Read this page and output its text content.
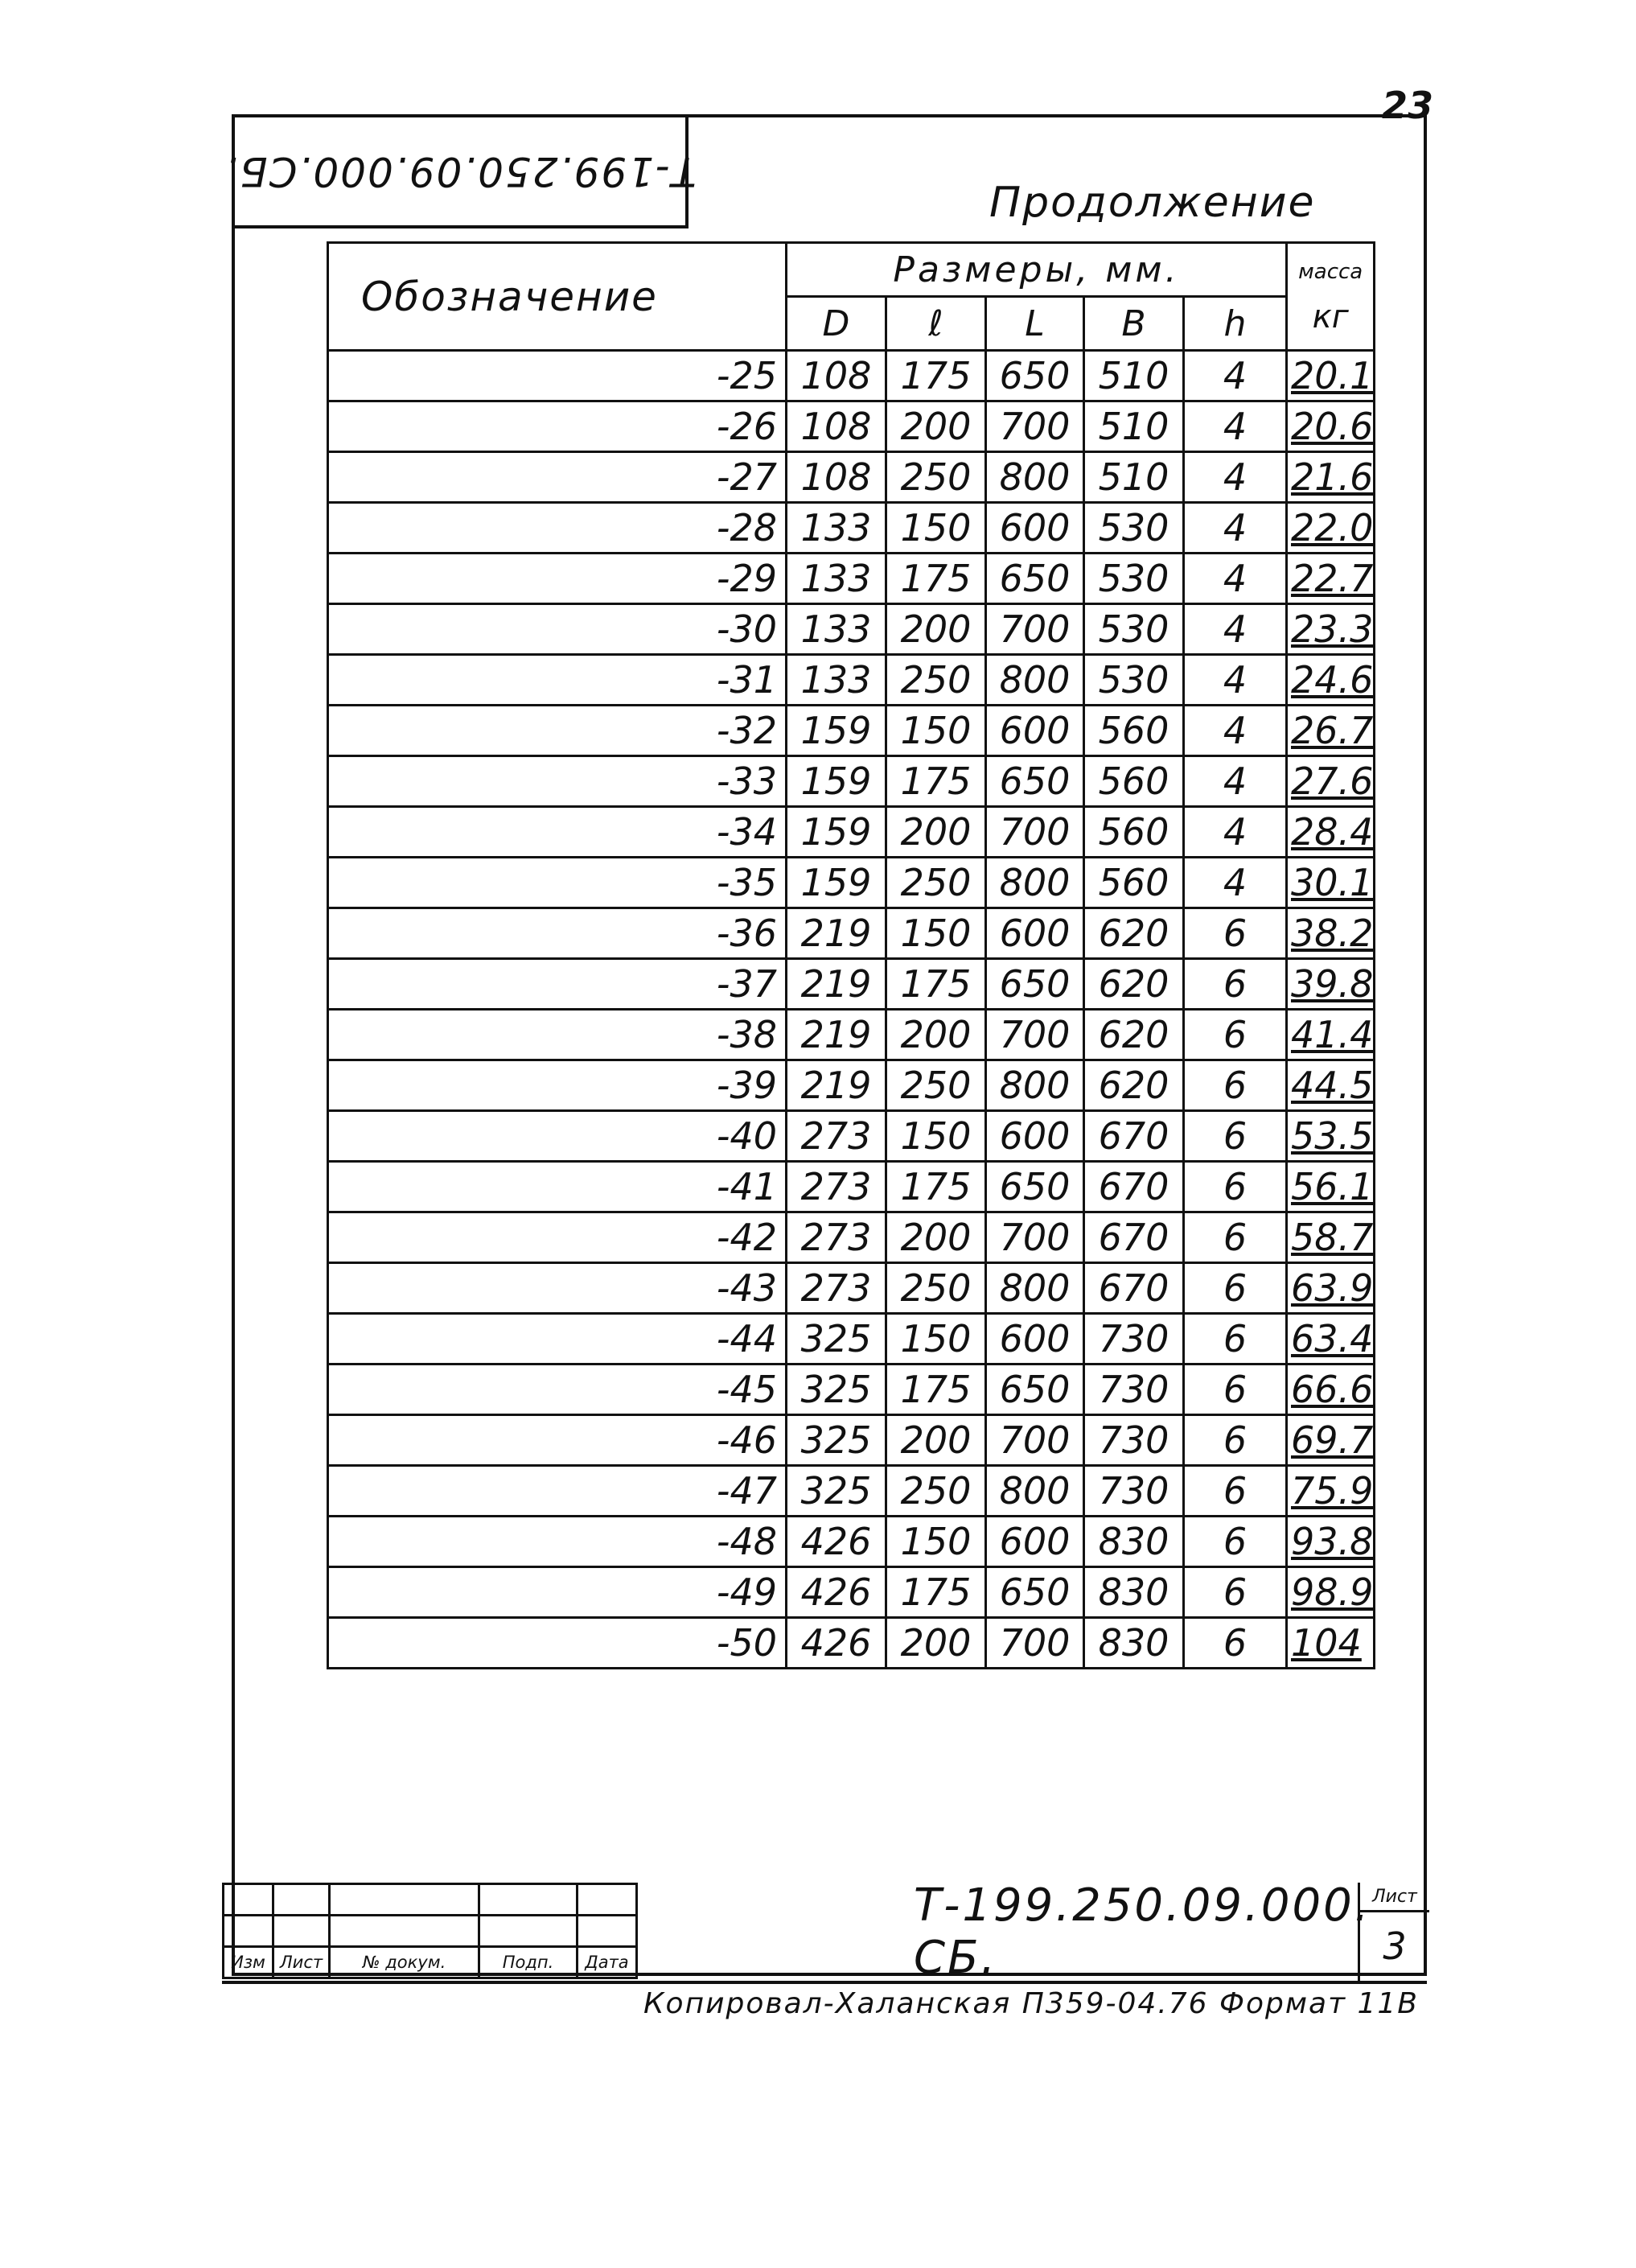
23
Т-199.250.09.000.СБ.
Продолжение
Обозначение	Размеры, мм.					масса

кг
	D	ℓ	L	B	h	
-25	108	175	650	510	4	20.1
-26	108	200	700	510	4	20.6
-27	108	250	800	510	4	21.6
-28	133	150	600	530	4	22.0
-29	133	175	650	530	4	22.7
-30	133	200	700	530	4	23.3
-31	133	250	800	530	4	24.6
-32	159	150	600	560	4	26.7
-33	159	175	650	560	4	27.6
-34	159	200	700	560	4	28.4
-35	159	250	800	560	4	30.1
-36	219	150	600	620	6	38.2
-37	219	175	650	620	6	39.8
-38	219	200	700	620	6	41.4
-39	219	250	800	620	6	44.5
-40	273	150	600	670	6	53.5
-41	273	175	650	670	6	56.1
-42	273	200	700	670	6	58.7
-43	273	250	800	670	6	63.9
-44	325	150	600	730	6	63.4
-45	325	175	650	730	6	66.6
-46	325	200	700	730	6	69.7
-47	325	250	800	730	6	75.9
-48	426	150	600	830	6	93.8
-49	426	175	650	830	6	98.9
-50	426	200	700	830	6	104

Изм	Лист	№ докум.	Подп.	Дата
Т-199.250.09.000. СБ.
Лист
3
Копировал-Халанская П359-04.76 Формат 11В
